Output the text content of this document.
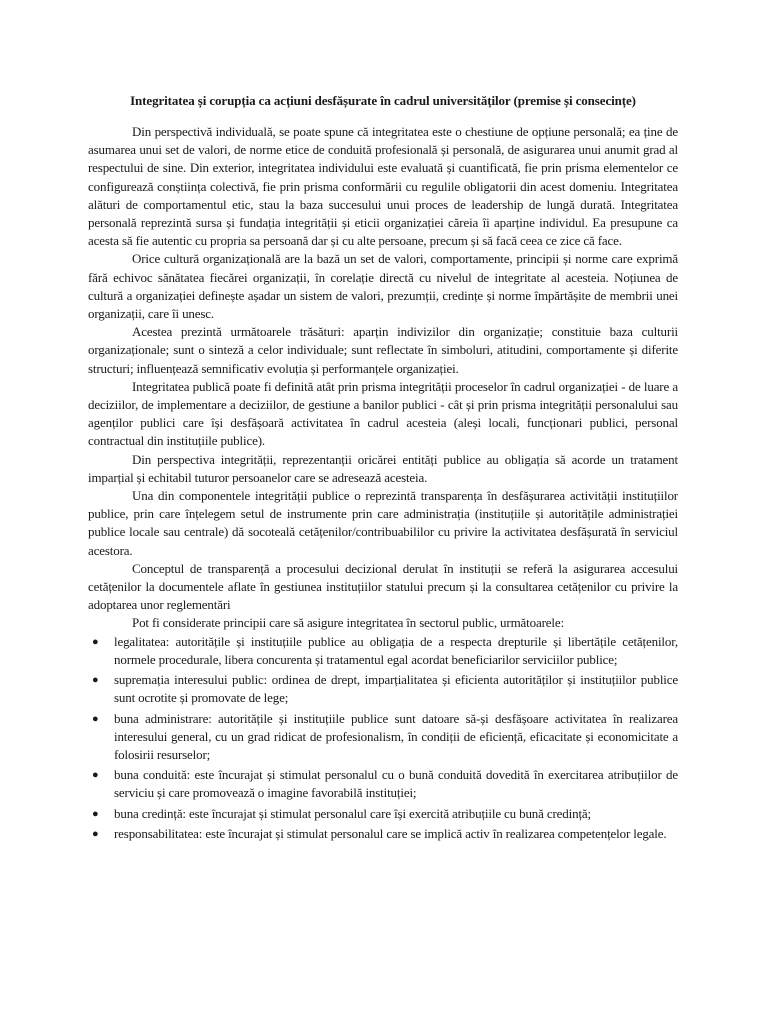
Integritatea și corupția ca acțiuni desfășurate în cadrul universităților (premise și consecințe)

Din perspectivă individuală, se poate spune că integritatea este o chestiune de opțiune personală; ea ține de asumarea unui set de valori, de norme etice de conduită profesională și personală, de asigurarea unui anumit grad al respectului de sine. Din exterior, integritatea individului este evaluată și cuantificată, fie prin prisma elementelor ce configurează conștiința colectivă, fie prin prisma conformării cu regulile obligatorii din acest domeniu. Integritatea alături de comportamentul etic, stau la baza succesului unui proces de leadership de lungă durată. Integritatea personală reprezintă sursa și fundația integrității și eticii organizației căreia îi aparține individul. Ea presupune ca acesta să fie autentic cu propria sa persoană dar și cu alte persoane, precum și să facă ceea ce zice că face.

Orice cultură organizațională are la bază un set de valori, comportamente, principii și norme care exprimă fără echivoc sănătatea fiecărei organizații, în corelație directă cu nivelul de integritate al acesteia. Noțiunea de cultură a organizației definește așadar un sistem de valori, prezumții, credințe și norme împărtășite de membrii unei organizații, care îi unesc.

Acestea prezintă următoarele trăsături: aparțin indivizilor din organizație; constituie baza culturii organizaționale; sunt o sinteză a celor individuale; sunt reflectate în simboluri, atitudini, comportamente și diferite structuri; influențează semnificativ evoluția și performanțele organizației.

Integritatea publică poate fi definită atât prin prisma integrității proceselor în cadrul organizației - de luare a deciziilor, de implementare a deciziilor, de gestiune a banilor publici - cât și prin prisma integrității personalului sau agenților publici care își desfășoară activitatea în cadrul acesteia (aleși locali, funcționari publici, personal contractual din instituțiile publice).

Din perspectiva integrității, reprezentanții oricărei entități publice au obligația să acorde un tratament imparțial și echitabil tuturor persoanelor care se adresează acesteia.

Una din componentele integrității publice o reprezintă transparența în desfășurarea activității instituțiilor publice, prin care înțelegem setul de instrumente prin care administrația (instituțiile și autoritățile administrației publice locale sau centrale) dă socoteală cetățenilor/contribuabililor cu privire la activitatea desfășurată în serviciul acestora.

Conceptul de transparență a procesului decizional derulat în instituții se referă la asigurarea accesului cetățenilor la documentele aflate în gestiunea instituțiilor statului precum și la consultarea cetățenilor cu privire la adoptarea unor reglementări

Pot fi considerate principii care să asigure integritatea în sectorul public, următoarele:

● legalitatea: autoritățile și instituțiile publice au obligația de a respecta drepturile și libertățile cetățenilor, normele procedurale, libera concurenta și tratamentul egal acordat beneficiarilor serviciilor publice;
● supremația interesului public: ordinea de drept, imparțialitatea și eficienta autorităților și instituțiilor publice sunt ocrotite și promovate de lege;
● buna administrare: autoritățile și instituțiile publice sunt datoare să-și desfășoare activitatea în realizarea interesului general, cu un grad ridicat de profesionalism, în condiții de eficiență, eficacitate și economicitate a folosirii resurselor;
● buna conduită: este încurajat și stimulat personalul cu o bună conduită dovedită în exercitarea atribuțiilor de serviciu și care promovează o imagine favorabilă instituției;
● buna credință: este încurajat și stimulat personalul care își exercită atribuțiile cu bună credință;
● responsabilitatea: este încurajat și stimulat personalul care se implică activ în realizarea competențelor legale.
